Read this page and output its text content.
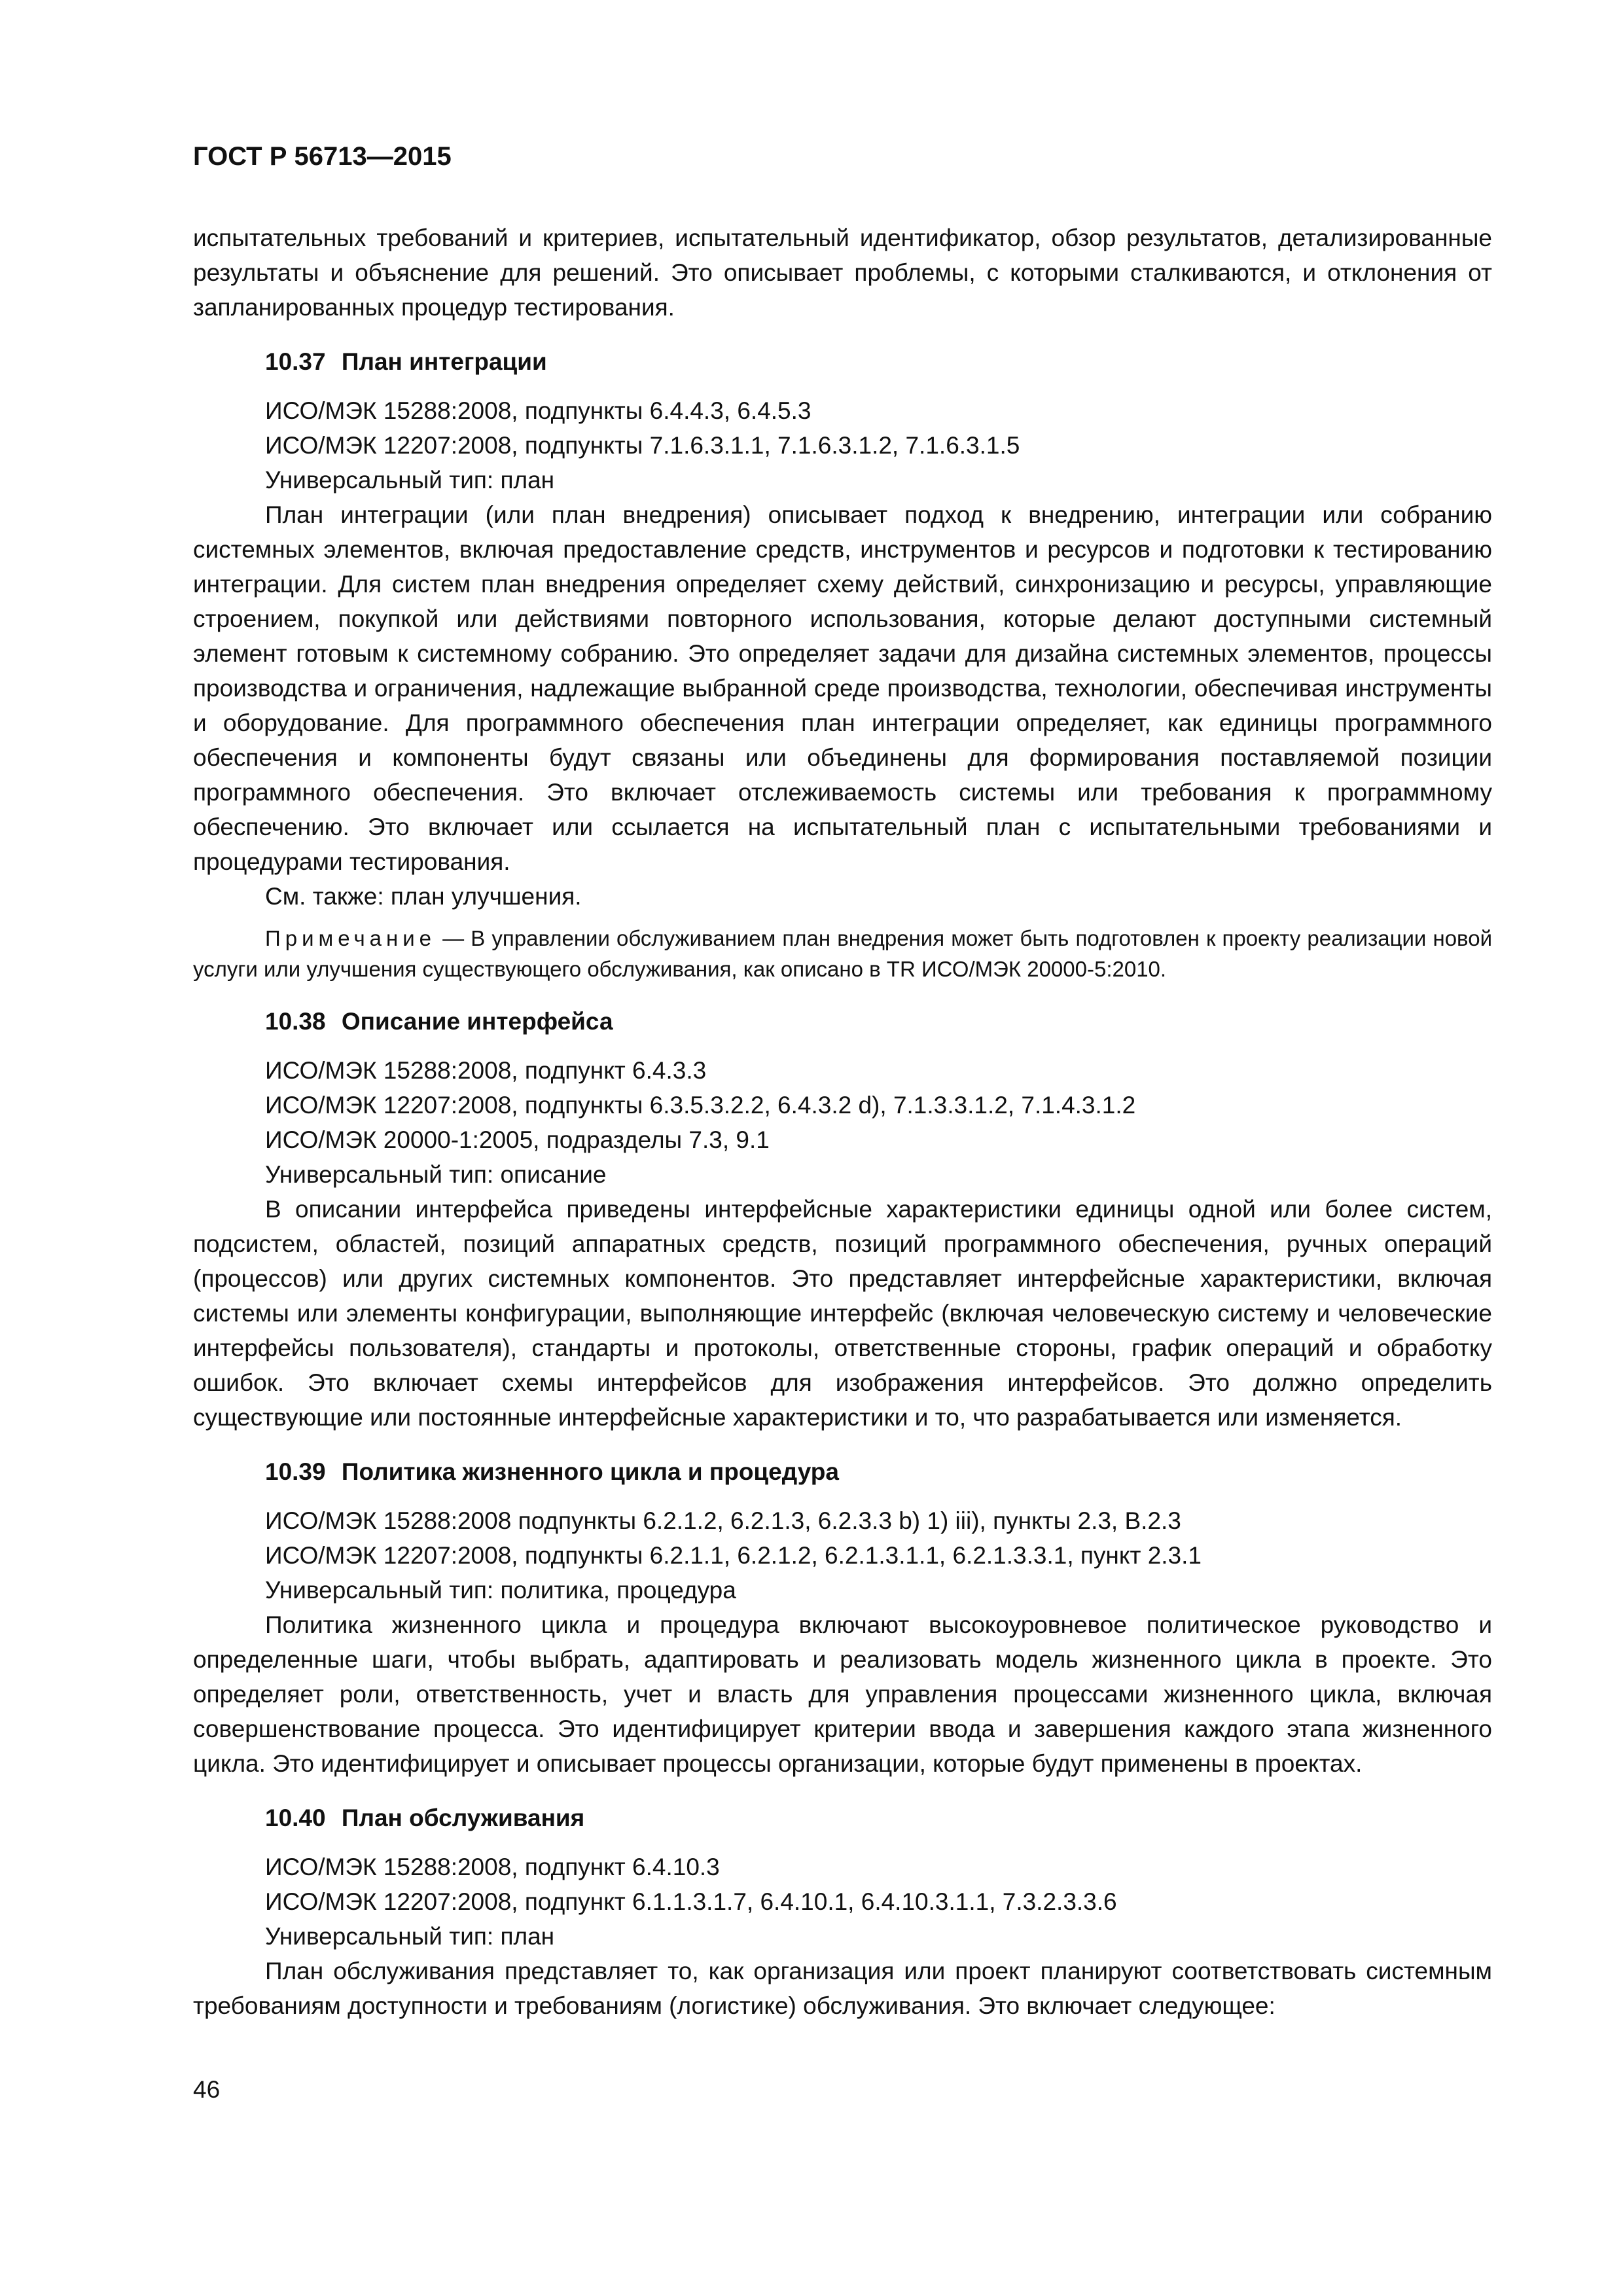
ГОСТ Р 56713—2015

испытательных требований и критериев, испытательный идентификатор, обзор результатов, детализированные результаты и объяснение для решений. Это описывает проблемы, с которыми сталкиваются, и отклонения от запланированных процедур тестирования.

10.37 План интеграции
ИСО/МЭК 15288:2008, подпункты 6.4.4.3, 6.4.5.3
ИСО/МЭК 12207:2008, подпункты 7.1.6.3.1.1, 7.1.6.3.1.2, 7.1.6.3.1.5
Универсальный тип: план

План интеграции (или план внедрения) описывает подход к внедрению, интеграции или собранию системных элементов, включая предоставление средств, инструментов и ресурсов и подготовки к тестированию интеграции. Для систем план внедрения определяет схему действий, синхронизацию и ресурсы, управляющие строением, покупкой или действиями повторного использования, которые делают доступными системный элемент готовым к системному собранию. Это определяет задачи для дизайна системных элементов, процессы производства и ограничения, надлежащие выбранной среде производства, технологии, обеспечивая инструменты и оборудование. Для программного обеспечения план интеграции определяет, как единицы программного обеспечения и компоненты будут связаны или объединены для формирования поставляемой позиции программного обеспечения. Это включает отслеживаемость системы или требования к программному обеспечению. Это включает или ссылается на испытательный план с испытательными требованиями и процедурами тестирования.

См. также: план улучшения.

Примечание — В управлении обслуживанием план внедрения может быть подготовлен к проекту реализации новой услуги или улучшения существующего обслуживания, как описано в TR ИСО/МЭК 20000-5:2010.

10.38 Описание интерфейса
ИСО/МЭК 15288:2008, подпункт 6.4.3.3
ИСО/МЭК 12207:2008, подпункты 6.3.5.3.2.2, 6.4.3.2 d), 7.1.3.3.1.2, 7.1.4.3.1.2
ИСО/МЭК 20000-1:2005, подразделы 7.3, 9.1
Универсальный тип: описание

В описании интерфейса приведены интерфейсные характеристики единицы одной или более систем, подсистем, областей, позиций аппаратных средств, позиций программного обеспечения, ручных операций (процессов) или других системных компонентов. Это представляет интерфейсные характеристики, включая системы или элементы конфигурации, выполняющие интерфейс (включая человеческую систему и человеческие интерфейсы пользователя), стандарты и протоколы, ответственные стороны, график операций и обработку ошибок. Это включает схемы интерфейсов для изображения интерфейсов. Это должно определить существующие или постоянные интерфейсные характеристики и то, что разрабатывается или изменяется.

10.39 Политика жизненного цикла и процедура
ИСО/МЭК 15288:2008 подпункты 6.2.1.2, 6.2.1.3, 6.2.3.3 b) 1) iii), пункты 2.3, В.2.3
ИСО/МЭК 12207:2008, подпункты 6.2.1.1, 6.2.1.2, 6.2.1.3.1.1, 6.2.1.3.3.1, пункт 2.3.1
Универсальный тип: политика, процедура

Политика жизненного цикла и процедура включают высокоуровневое политическое руководство и определенные шаги, чтобы выбрать, адаптировать и реализовать модель жизненного цикла в проекте. Это определяет роли, ответственность, учет и власть для управления процессами жизненного цикла, включая совершенствование процесса. Это идентифицирует критерии ввода и завершения каждого этапа жизненного цикла. Это идентифицирует и описывает процессы организации, которые будут применены в проектах.

10.40 План обслуживания
ИСО/МЭК 15288:2008, подпункт 6.4.10.3
ИСО/МЭК 12207:2008, подпункт 6.1.1.3.1.7, 6.4.10.1, 6.4.10.3.1.1, 7.3.2.3.3.6
Универсальный тип: план

План обслуживания представляет то, как организация или проект планируют соответствовать системным требованиям доступности и требованиям (логистике) обслуживания. Это включает следующее:

46
